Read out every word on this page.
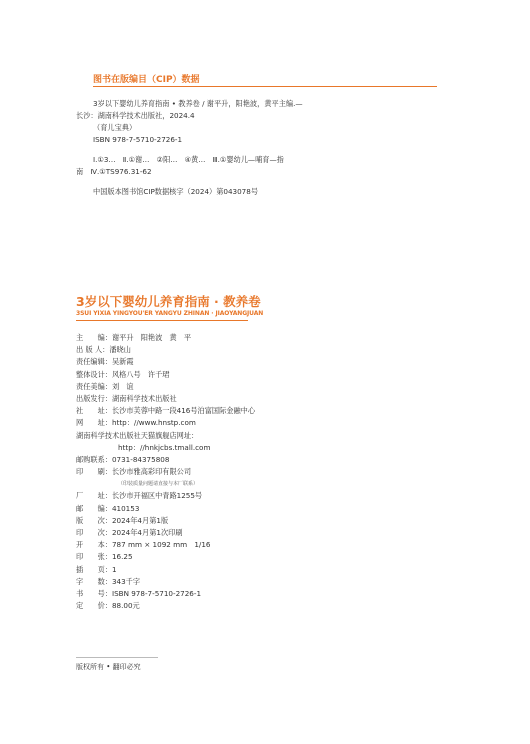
图书在版编目（CIP）数据

3岁以下婴幼儿养育指南 • 教养卷 / 谢平升，阳艳波，黄平主编.—

长沙：湖南科学技术出版社，2024.4

（育儿宝典）

ISBN 978-7-5710-2726-1

Ⅰ.①3…　Ⅱ.①谢…　②阳…　④黄…　Ⅲ.①婴幼儿—哺育—指

南　Ⅳ.①TS976.31-62

中国版本图书馆CIP数据核字（2024）第043078号

3岁以下婴幼儿养育指南 · 教养卷
3SUI YIXIA YINGYOU'ER YANGYU ZHINAN · JIAOYANGJUAN
主　　编：谢平升　阳艳波　黄　平
出 版 人：潘晓山
责任编辑：吴新霞
整体设计：风格八号　许千珺
责任美编：刘　谊
出版发行：湖南科学技术出版社
社　　址：长沙市芙蓉中路一段416号泊富国际金融中心
网　　址：http：//www.hnstp.com
湖南科学技术出版社天猫旗舰店网址：
http：//hnkjcbs.tmall.com
邮购联系：0731-84375808
印　　刷：长沙市雅高彩印有限公司
（印装质量问题请直接与本厂联系）
厂　　址：长沙市开福区中青路1255号
邮　　编：410153
版　　次：2024年4月第1版
印　　次：2024年4月第1次印刷
开　　本：787 mm × 1092 mm　1/16
印　　张：16.25
插　　页：1
字　　数：343千字
书　　号：ISBN 978-7-5710-2726-1
定　　价：88.00元
版权所有 • 翻印必究
